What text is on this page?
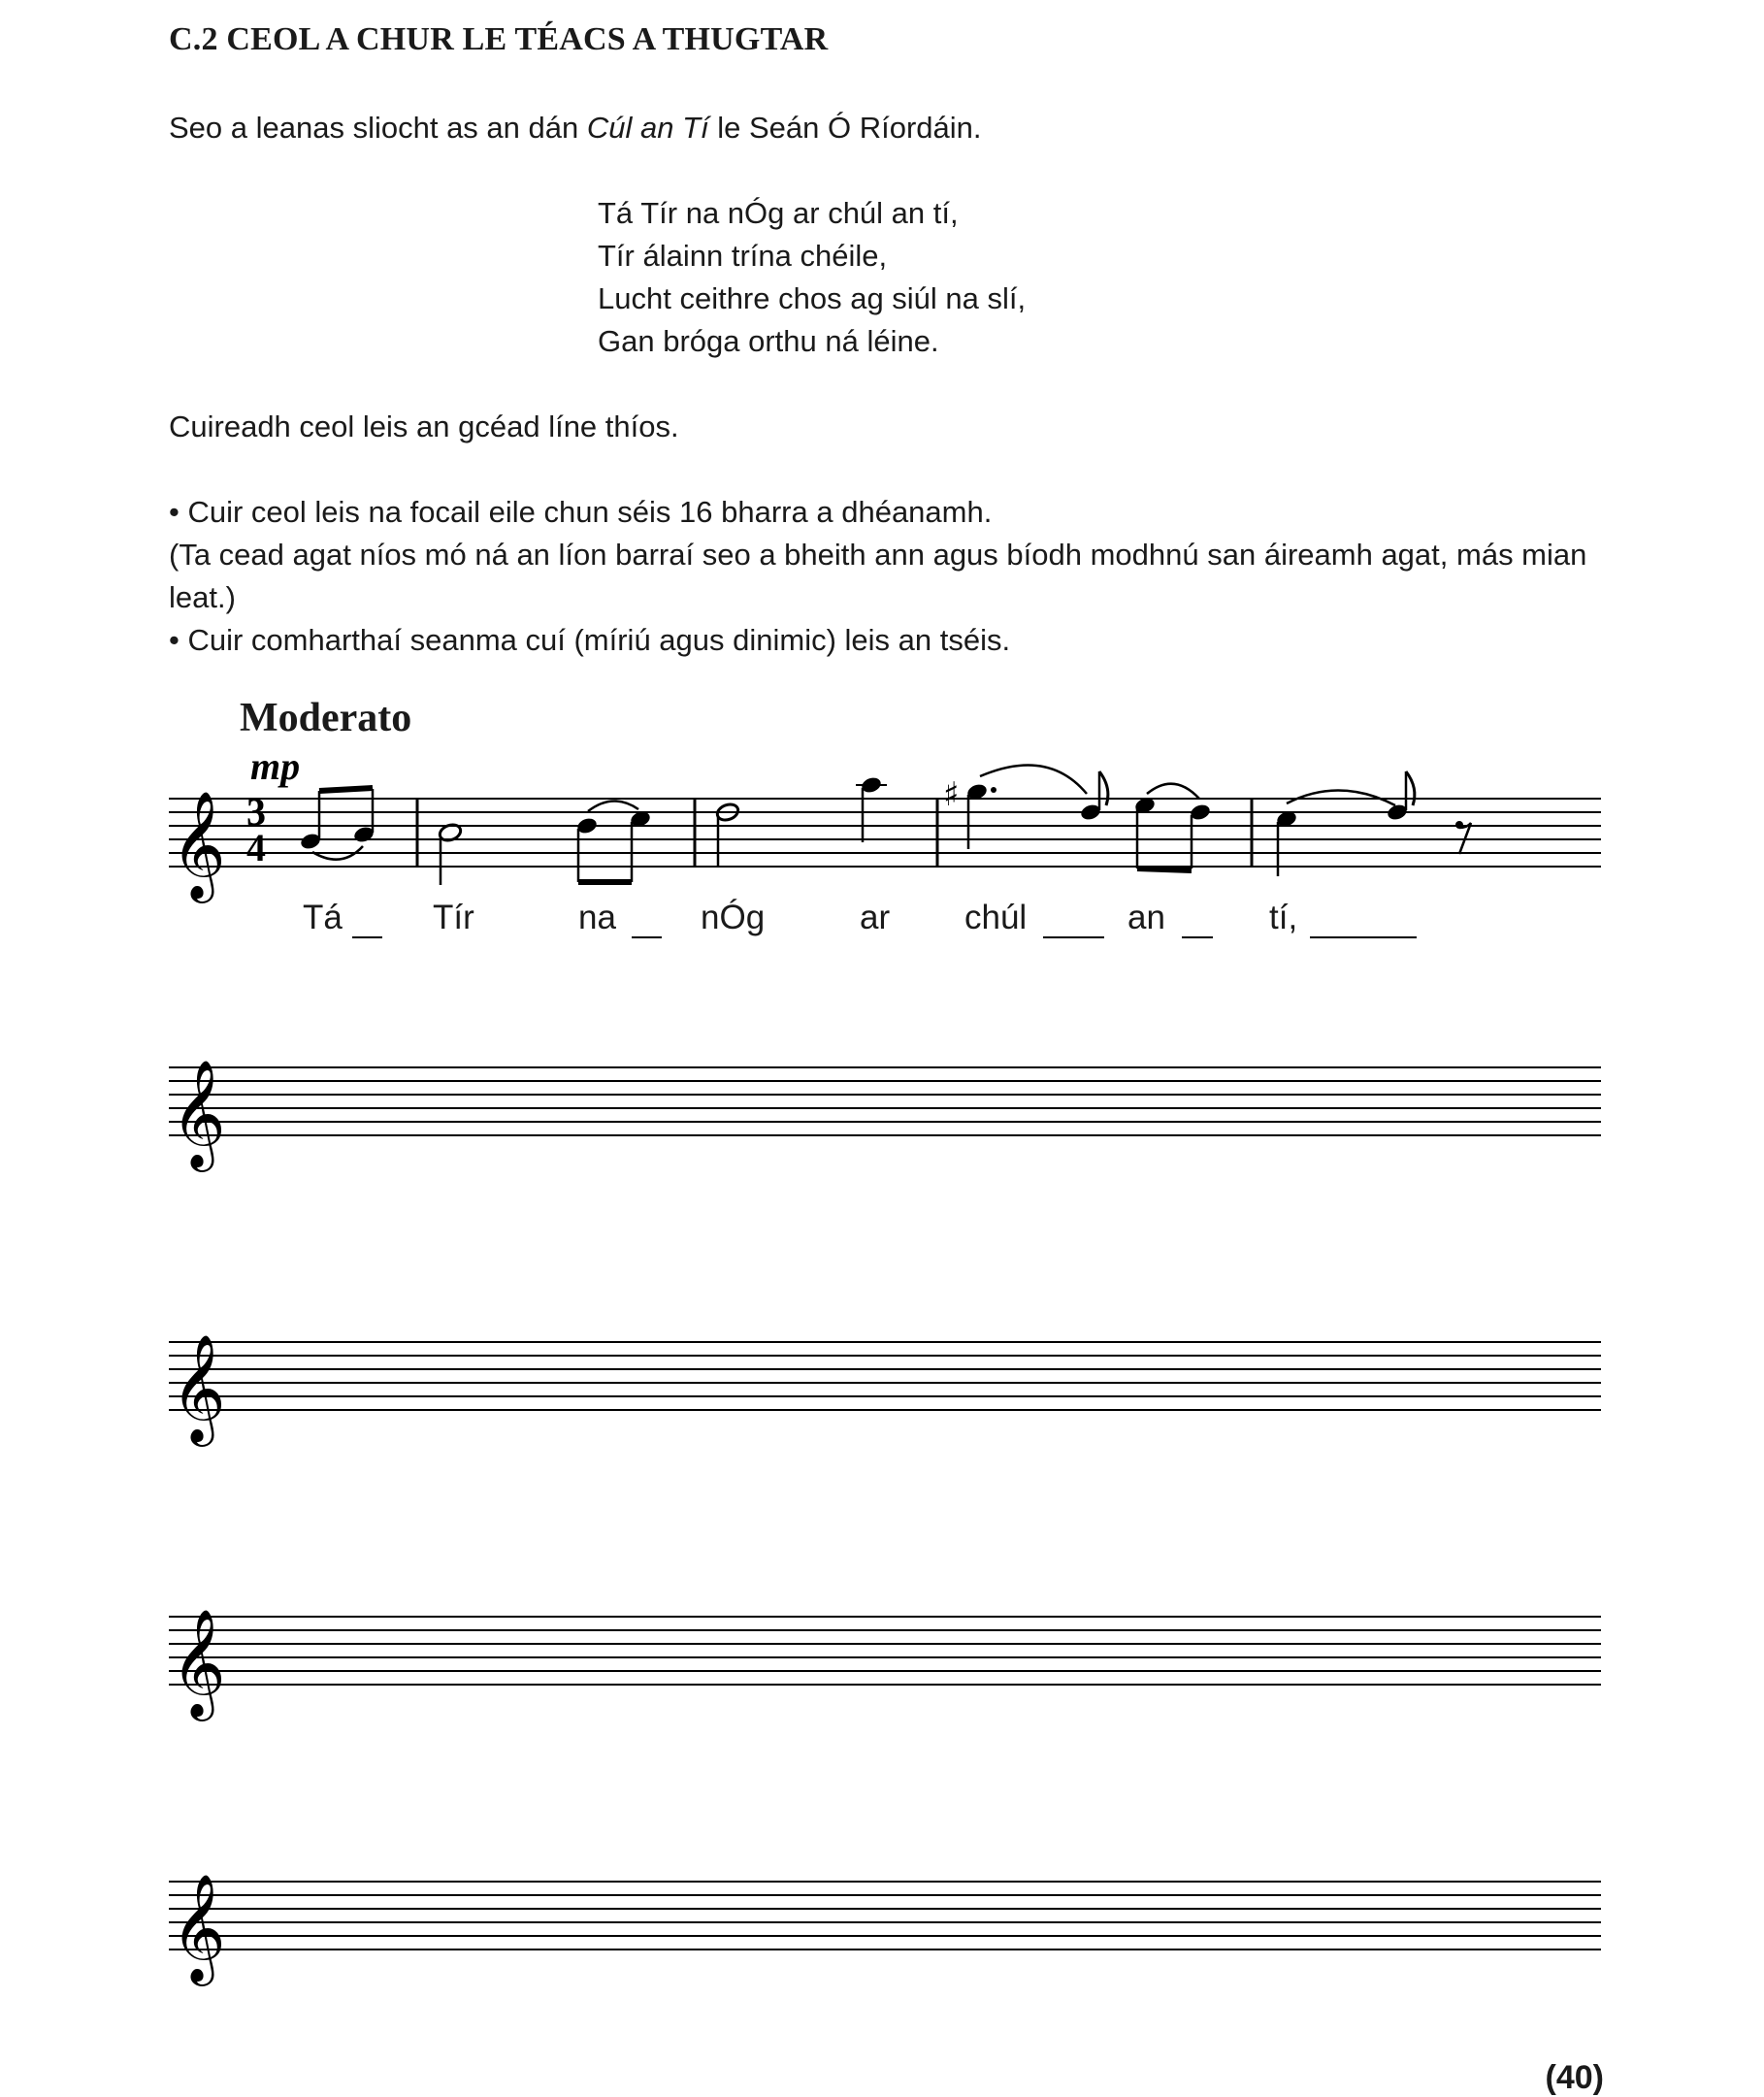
C.2 CEOL A CHUR LE TÉACS A THUGTAR
Seo a leanas sliocht as an dán Cúl an Tí le Seán Ó Ríordáin.
Tá Tír na nÓg ar chúl an tí,
Tír álainn trína chéile,
Lucht ceithre chos ag siúl na slí,
Gan bróga orthu ná léine.
Cuireadh ceol leis an gcéad líne thíos.

• Cuir ceol leis na focail eile chun séis 16 bharra a dhéanamh.

(Ta cead agat níos mó ná an líon barraí seo a bheith ann agus bíodh modhnú san áireamh agat, más mian leat.)

• Cuir comharthaí seanma cuí (míriú agus dinimic) leis an tséis.

Moderato
mp
𝄞 3
4
♯
𝄞
𝄞
𝄞
𝄞
Tá	Tír	na nÓg	ar chúl	an	tí,
(40)
